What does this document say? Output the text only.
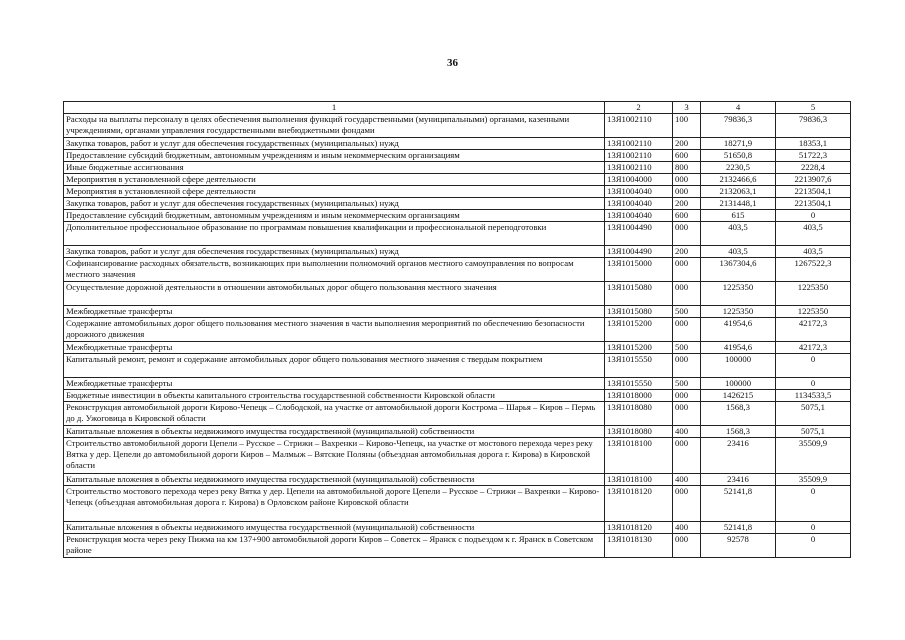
36
1	2	3	4	5
Расходы на выплаты персоналу в целях обеспечения выполнения функций государственными (муниципальными) органами, казенными учреждениями, органами управления государственными внебюджетными фондами	13Я1002110	100	79836,3	79836,3
Закупка товаров, работ и услуг для обеспечения государственных (муниципальных) нужд	13Я1002110	200	18271,9	18353,1
Предоставление субсидий бюджетным, автономным учреждениям и иным некоммерческим организациям	13Я1002110	600	51650,8	51722,3
Иные бюджетные ассигнования	13Я1002110	800	2230,5	2228,4
Мероприятия в установленной сфере деятельности	13Я1004000	000	2132466,6	2213907,6
Мероприятия в установленной сфере деятельности	13Я1004040	000	2132063,1	2213504,1
Закупка товаров, работ и услуг для обеспечения государственных (муниципальных) нужд	13Я1004040	200	2131448,1	2213504,1
Предоставление субсидий бюджетным, автономным учреждениям и иным некоммерческим организациям	13Я1004040	600	615	0
Дополнительное профессиональное образование по программам повышения квалификации и профессиональной переподготовки	13Я1004490	000	403,5	403,5
Закупка товаров, работ и услуг для обеспечения государственных (муниципальных) нужд	13Я1004490	200	403,5	403,5
Софинансирование расходных обязательств, возникающих при выполнении полномочий органов местного самоуправления по вопросам местного значения	13Я1015000	000	1367304,6	1267522,3
Осуществление дорожной деятельности в отношении автомобильных дорог общего пользования местного значения	13Я1015080	000	1225350	1225350
Межбюджетные трансферты	13Я1015080	500	1225350	1225350
Содержание автомобильных дорог общего пользования местного значения в части выполнения мероприятий по обеспечению безопасности дорожного движения	13Я1015200	000	41954,6	42172,3
Межбюджетные трансферты	13Я1015200	500	41954,6	42172,3
Капитальный ремонт, ремонт и содержание автомобильных дорог общего пользования местного значения с твердым покрытием	13Я1015550	000	100000	0
Межбюджетные трансферты	13Я1015550	500	100000	0
Бюджетные инвестиции в объекты капитального строительства государственной собственности Кировской области	13Я1018000	000	1426215	1134533,5
Реконструкция автомобильной дороги Кирово-Чепецк – Слободской, на участке от автомобильной дороги Кострома – Шарья – Киров – Пермь до д. Ужоговица в Кировской области	13Я1018080	000	1568,3	5075,1
Капитальные вложения в объекты недвижимого имущества государственной (муниципальной) собственности	13Я1018080	400	1568,3	5075,1
Строительство автомобильной дороги Цепели – Русское – Стрижи – Вахренки – Кирово-Чепецк, на участке от мостового перехода через реку Вятка у дер. Цепели до автомобильной дороги Киров – Малмыж – Вятские Поляны (объездная автомобильная дорога г. Кирова) в Кировской области	13Я1018100	000	23416	35509,9
Капитальные вложения в объекты недвижимого имущества государственной (муниципальной) собственности	13Я1018100	400	23416	35509,9
Строительство мостового перехода через реку Вятка у дер. Цепели на автомобильной дороге Цепели – Русское – Стрижи – Вахренки – Кирово-Чепецк (объездная автомобильная дорога г. Кирова) в Орловском районе Кировской области	13Я1018120	000	52141,8	0
Капитальные вложения в объекты недвижимого имущества государственной (муниципальной) собственности	13Я1018120	400	52141,8	0
Реконструкция моста через реку Пижма на км 137+900 автомобильной дороги Киров – Советск – Яранск с подъездом к г. Яранск в Советском районе	13Я1018130	000	92578	0
